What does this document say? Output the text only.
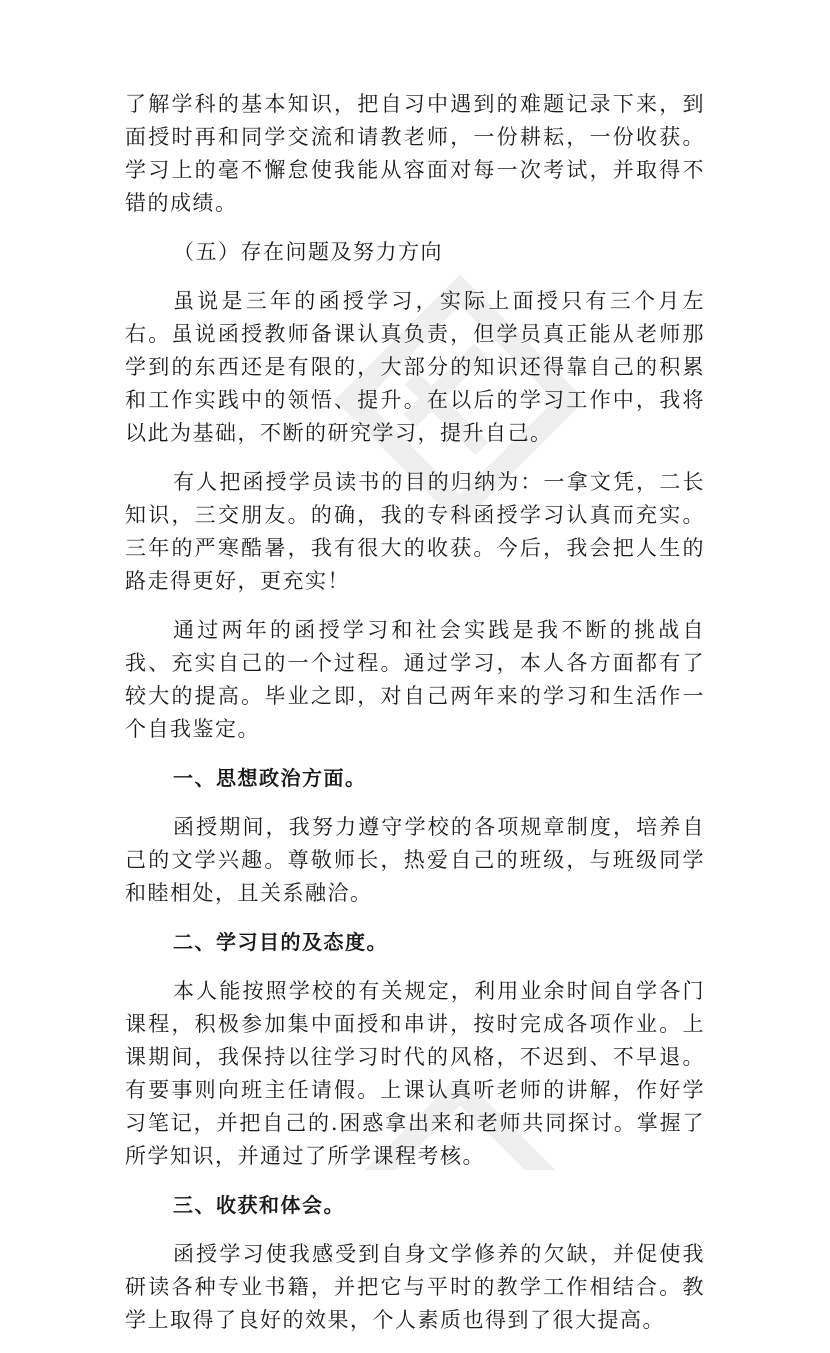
了解学科的基本知识，把自习中遇到的难题记录下来，到面授时再和同学交流和请教老师，一份耕耘，一份收获。学习上的毫不懈怠使我能从容面对每一次考试，并取得不错的成绩。

（五）存在问题及努力方向

虽说是三年的函授学习，实际上面授只有三个月左右。虽说函授教师备课认真负责，但学员真正能从老师那学到的东西还是有限的，大部分的知识还得靠自己的积累和工作实践中的领悟、提升。在以后的学习工作中，我将以此为基础，不断的研究学习，提升自己。

有人把函授学员读书的目的归纳为：一拿文凭，二长知识，三交朋友。的确，我的专科函授学习认真而充实。三年的严寒酷暑，我有很大的收获。今后，我会把人生的路走得更好，更充实！

通过两年的函授学习和社会实践是我不断的挑战自我、充实自己的一个过程。通过学习，本人各方面都有了较大的提高。毕业之即，对自己两年来的学习和生活作一个自我鉴定。

一、思想政治方面。

函授期间，我努力遵守学校的各项规章制度，培养自己的文学兴趣。尊敬师长，热爱自己的班级，与班级同学和睦相处，且关系融洽。

二、学习目的及态度。

本人能按照学校的有关规定，利用业余时间自学各门课程，积极参加集中面授和串讲，按时完成各项作业。上课期间，我保持以往学习时代的风格，不迟到、不早退。有要事则向班主任请假。上课认真听老师的讲解，作好学习笔记，并把自己的.困惑拿出来和老师共同探讨。掌握了所学知识，并通过了所学课程考核。

三、收获和体会。

函授学习使我感受到自身文学修养的欠缺，并促使我研读各种专业书籍，并把它与平时的教学工作相结合。教学上取得了良好的效果，个人素质也得到了很大提高。
